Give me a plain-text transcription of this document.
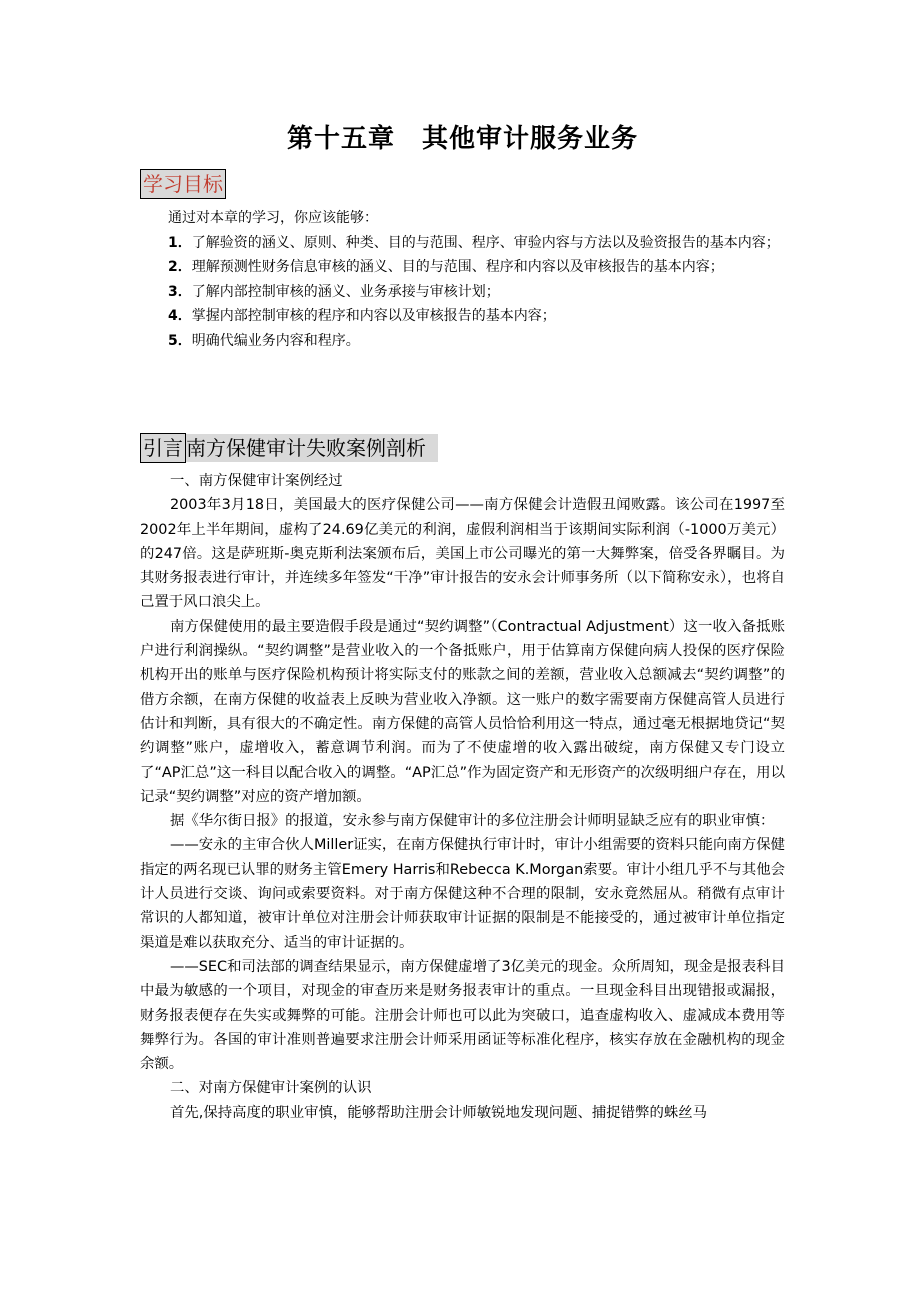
第十五章　其他审计服务业务
学习目标

通过对本章的学习，你应该能够：

1．了解验资的涵义、原则、种类、目的与范围、程序、审验内容与方法以及验资报告的基本内容；

2．理解预测性财务信息审核的涵义、目的与范围、程序和内容以及审核报告的基本内容；

3．了解内部控制审核的涵义、业务承接与审核计划；

4．掌握内部控制审核的程序和内容以及审核报告的基本内容；

5．明确代编业务内容和程序。

引言 南方保健审计失败案例剖析

一、南方保健审计案例经过

2003年3月18日，美国最大的医疗保健公司——南方保健会计造假丑闻败露。该公司在1997至2002年上半年期间，虚构了24.69亿美元的利润，虚假利润相当于该期间实际利润（-1000万美元）的247倍。这是萨班斯-奥克斯利法案颁布后，美国上市公司曝光的第一大舞弊案，倍受各界瞩目。为其财务报表进行审计，并连续多年签发“干净”审计报告的安永会计师事务所（以下简称安永），也将自己置于风口浪尖上。

南方保健使用的最主要造假手段是通过“契约调整”（Contractual Adjustment）这一收入备抵账户进行利润操纵。“契约调整”是营业收入的一个备抵账户，用于估算南方保健向病人投保的医疗保险机构开出的账单与医疗保险机构预计将实际支付的账款之间的差额，营业收入总额减去“契约调整”的借方余额，在南方保健的收益表上反映为营业收入净额。这一账户的数字需要南方保健高管人员进行估计和判断，具有很大的不确定性。南方保健的高管人员恰恰利用这一特点，通过毫无根据地贷记“契约调整”账户，虚增收入，蓄意调节利润。而为了不使虚增的收入露出破绽，南方保健又专门设立了“AP汇总”这一科目以配合收入的调整。“AP汇总”作为固定资产和无形资产的次级明细户存在，用以记录“契约调整”对应的资产增加额。

据《华尔街日报》的报道，安永参与南方保健审计的多位注册会计师明显缺乏应有的职业审慎：

——安永的主审合伙人Miller证实，在南方保健执行审计时，审计小组需要的资料只能向南方保健指定的两名现已认罪的财务主管Emery Harris和Rebecca K.Morgan索要。审计小组几乎不与其他会计人员进行交谈、询问或索要资料。对于南方保健这种不合理的限制，安永竟然屈从。稍微有点审计常识的人都知道，被审计单位对注册会计师获取审计证据的限制是不能接受的，通过被审计单位指定渠道是难以获取充分、适当的审计证据的。

——SEC和司法部的调查结果显示，南方保健虚增了3亿美元的现金。众所周知，现金是报表科目中最为敏感的一个项目，对现金的审查历来是财务报表审计的重点。一旦现金科目出现错报或漏报，财务报表便存在失实或舞弊的可能。注册会计师也可以此为突破口，追查虚构收入、虚减成本费用等舞弊行为。各国的审计准则普遍要求注册会计师采用函证等标准化程序，核实存放在金融机构的现金余额。

二、对南方保健审计案例的认识

首先,保持高度的职业审慎，能够帮助注册会计师敏锐地发现问题、捕捉错弊的蛛丝马
